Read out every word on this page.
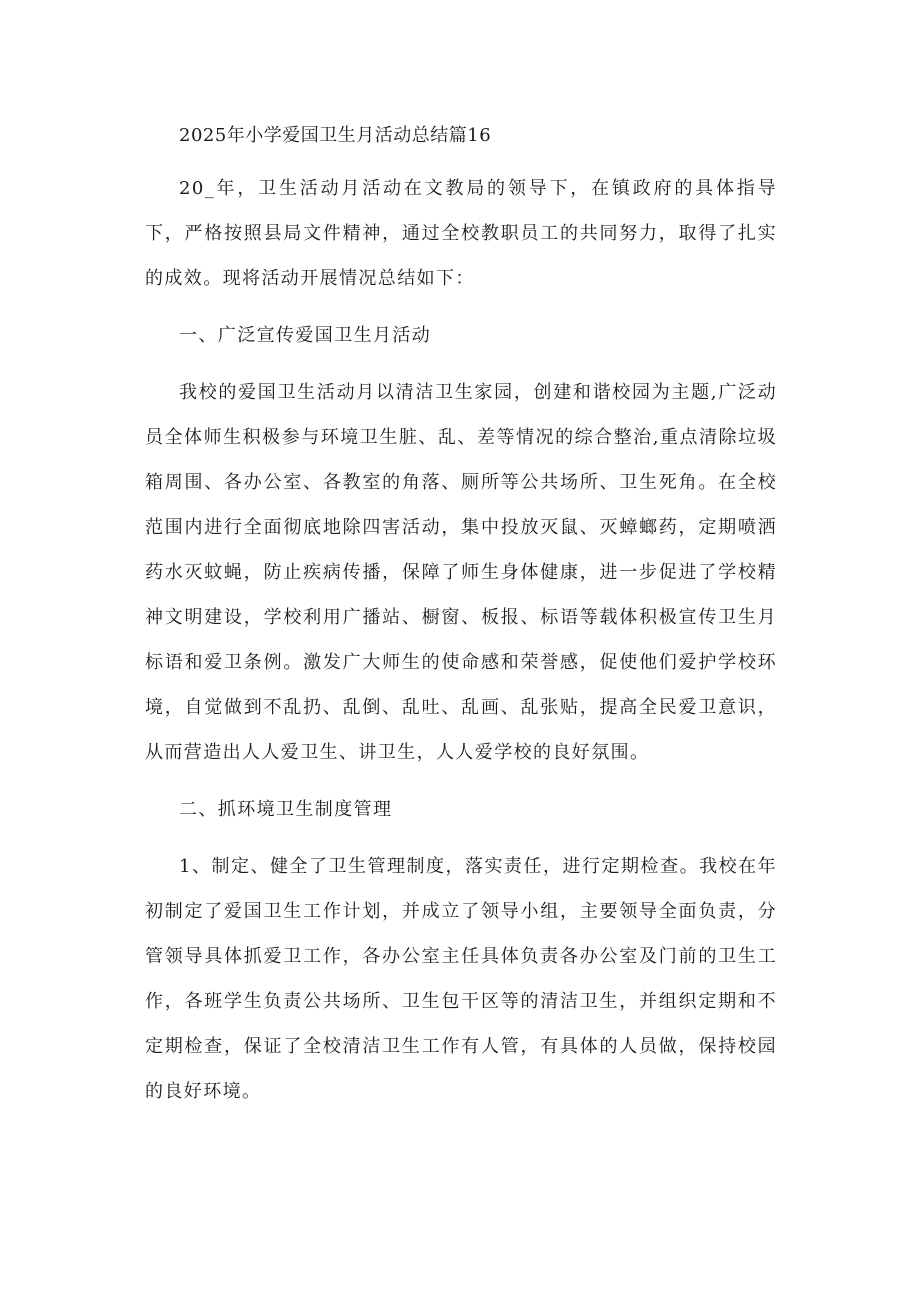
2025年小学爱国卫生月活动总结篇16

20_年，卫生活动月活动在文教局的领导下，在镇政府的具体指导下，严格按照县局文件精神，通过全校教职员工的共同努力，取得了扎实的成效。现将活动开展情况总结如下：

一、广泛宣传爱国卫生月活动

我校的爱国卫生活动月以清洁卫生家园，创建和谐校园为主题,广泛动员全体师生积极参与环境卫生脏、乱、差等情况的综合整治,重点清除垃圾箱周围、各办公室、各教室的角落、厕所等公共场所、卫生死角。在全校范围内进行全面彻底地除四害活动，集中投放灭鼠、灭蟑螂药，定期喷洒药水灭蚊蝇，防止疾病传播，保障了师生身体健康，进一步促进了学校精神文明建设，学校利用广播站、橱窗、板报、标语等载体积极宣传卫生月标语和爱卫条例。激发广大师生的使命感和荣誉感，促使他们爱护学校环境，自觉做到不乱扔、乱倒、乱吐、乱画、乱张贴，提高全民爱卫意识，从而营造出人人爱卫生、讲卫生，人人爱学校的良好氛围。

二、抓环境卫生制度管理

1、制定、健全了卫生管理制度，落实责任，进行定期检查。我校在年初制定了爱国卫生工作计划，并成立了领导小组，主要领导全面负责，分管领导具体抓爱卫工作，各办公室主任具体负责各办公室及门前的卫生工作，各班学生负责公共场所、卫生包干区等的清洁卫生，并组织定期和不定期检查，保证了全校清洁卫生工作有人管，有具体的人员做，保持校园的良好环境。
